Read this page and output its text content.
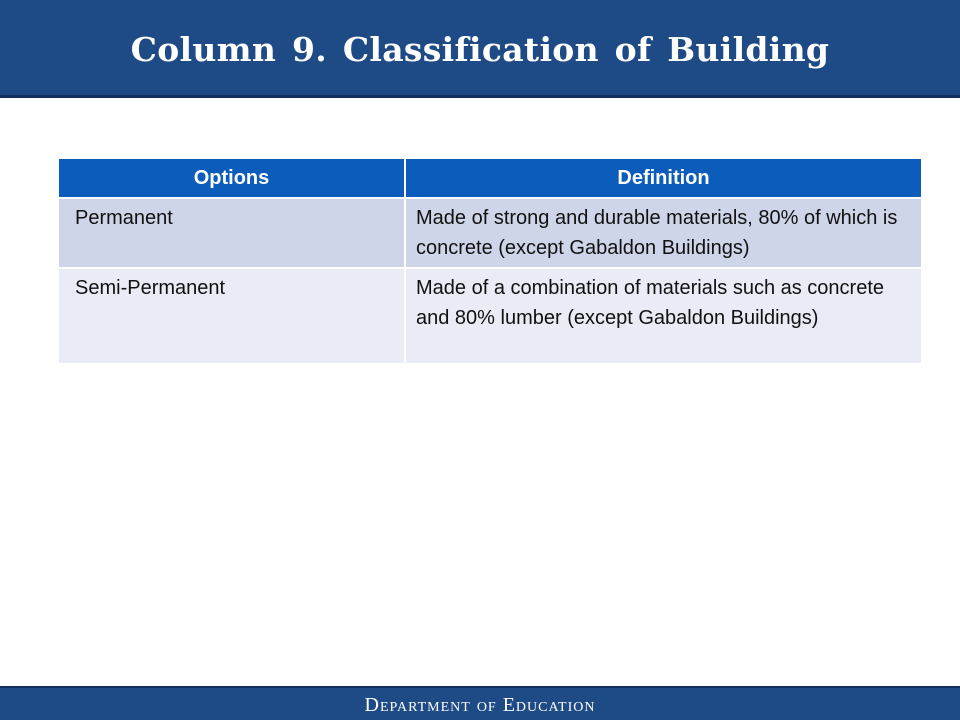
Column 9. Classification of Building
Options	Definition
Permanent	Made of strong and durable materials, 80% of which is concrete (except Gabaldon Buildings)
Semi-Permanent	Made of a combination of materials such as concrete and 80% lumber (except Gabaldon Buildings)
Department of Education
